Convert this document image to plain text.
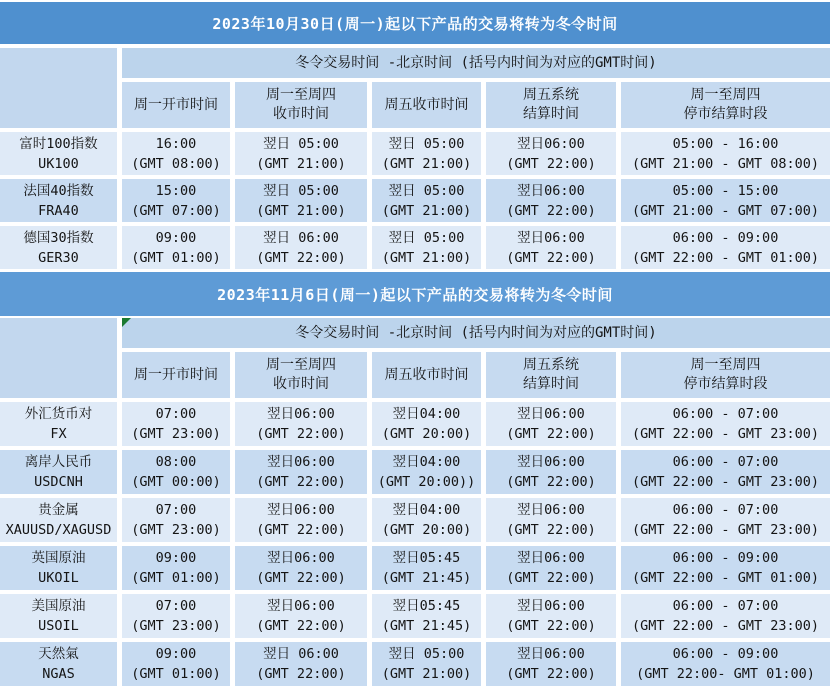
2023年10月30日(周一)起以下产品的交易将转为冬令时间
冬令交易时间 -北京时间 (括号内时间为对应的GMT时间)
周一开市时间
周一至周四
收市时间
周五收市时间
周五系统
结算时间
周一至周四
停市结算时段
富时100指数
UK100
16:00
(GMT 08:00)
翌日 05:00
(GMT 21:00)
翌日 05:00
(GMT 21:00)
翌日06:00
(GMT 22:00)
05:00 - 16:00
(GMT 21:00 - GMT 08:00)
法国40指数
FRA40
15:00
(GMT 07:00)
翌日 05:00
(GMT 21:00)
翌日 05:00
(GMT 21:00)
翌日06:00
(GMT 22:00)
05:00 - 15:00
(GMT 21:00 - GMT 07:00)
德国30指数
GER30
09:00
(GMT 01:00)
翌日 06:00
(GMT 22:00)
翌日 05:00
(GMT 21:00)
翌日06:00
(GMT 22:00)
06:00 - 09:00
(GMT 22:00 - GMT 01:00)
2023年11月6日(周一)起以下产品的交易将转为冬令时间
冬令交易时间 -北京时间 (括号内时间为对应的GMT时间)
周一开市时间
周一至周四
收市时间
周五收市时间
周五系统
结算时间
周一至周四
停市结算时段
外汇货币对
FX
07:00
(GMT 23:00)
翌日06:00
(GMT 22:00)
翌日04:00
(GMT 20:00)
翌日06:00
(GMT 22:00)
06:00 - 07:00
(GMT 22:00 - GMT 23:00)
离岸人民币
USDCNH
08:00
(GMT 00:00)
翌日06:00
(GMT 22:00)
翌日04:00
(GMT 20:00))
翌日06:00
(GMT 22:00)
06:00 - 07:00
(GMT 22:00 - GMT 23:00)
贵金属
XAUUSD/XAGUSD
07:00
(GMT 23:00)
翌日06:00
(GMT 22:00)
翌日04:00
(GMT 20:00)
翌日06:00
(GMT 22:00)
06:00 - 07:00
(GMT 22:00 - GMT 23:00)
英国原油
UKOIL
09:00
(GMT 01:00)
翌日06:00
(GMT 22:00)
翌日05:45
(GMT 21:45)
翌日06:00
(GMT 22:00)
06:00 - 09:00
(GMT 22:00 - GMT 01:00)
美国原油
USOIL
07:00
(GMT 23:00)
翌日06:00
(GMT 22:00)
翌日05:45
(GMT 21:45)
翌日06:00
(GMT 22:00)
06:00 - 07:00
(GMT 22:00 - GMT 23:00)
天然氣
NGAS
09:00
(GMT 01:00)
翌日 06:00
(GMT 22:00)
翌日 05:00
(GMT 21:00)
翌日06:00
(GMT 22:00)
06:00 - 09:00
(GMT 22:00- GMT 01:00)
